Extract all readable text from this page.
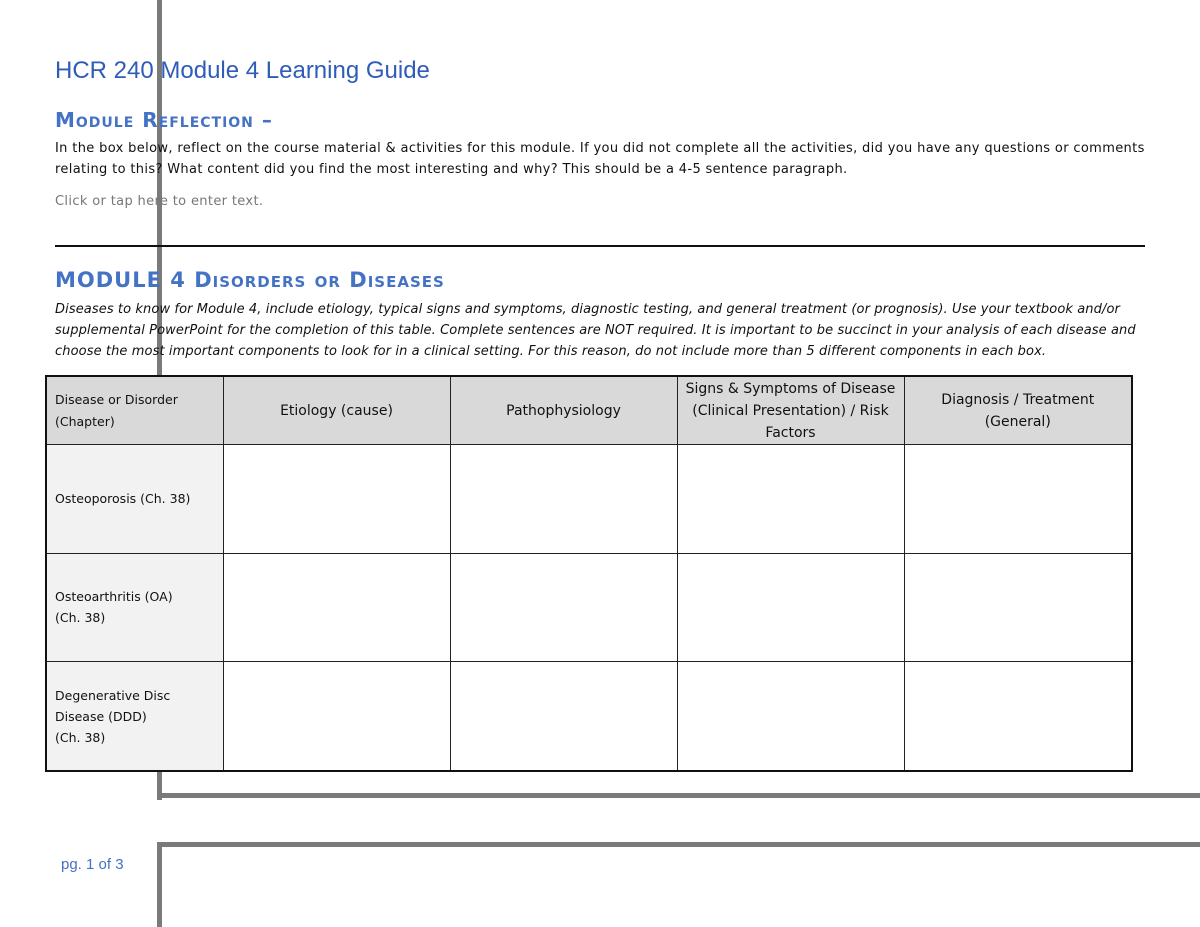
HCR 240 Module 4 Learning Guide
Module Reflection –
In the box below, reflect on the course material & activities for this module. If you did not complete all the activities, did you have any questions or comments relating to this? What content did you find the most interesting and why? This should be a 4-5 sentence paragraph.
Click or tap here to enter text.
MODULE 4 Disorders or Diseases
Diseases to know for Module 4, include etiology, typical signs and symptoms, diagnostic testing, and general treatment (or prognosis). Use your textbook and/or supplemental PowerPoint for the completion of this table. Complete sentences are NOT required. It is important to be succinct in your analysis of each disease and choose the most important components to look for in a clinical setting. For this reason, do not include more than 5 different components in each box.
Disease or Disorder (Chapter)	Etiology (cause)	Pathophysiology	Signs & Symptoms of Disease (Clinical Presentation) / Risk Factors	Diagnosis / Treatment (General)

Osteoporosis (Ch. 38)				

Osteoarthritis (OA)
(Ch. 38)				

Degenerative Disc
Disease (DDD)
(Ch. 38)				

pg. 1 of 3
